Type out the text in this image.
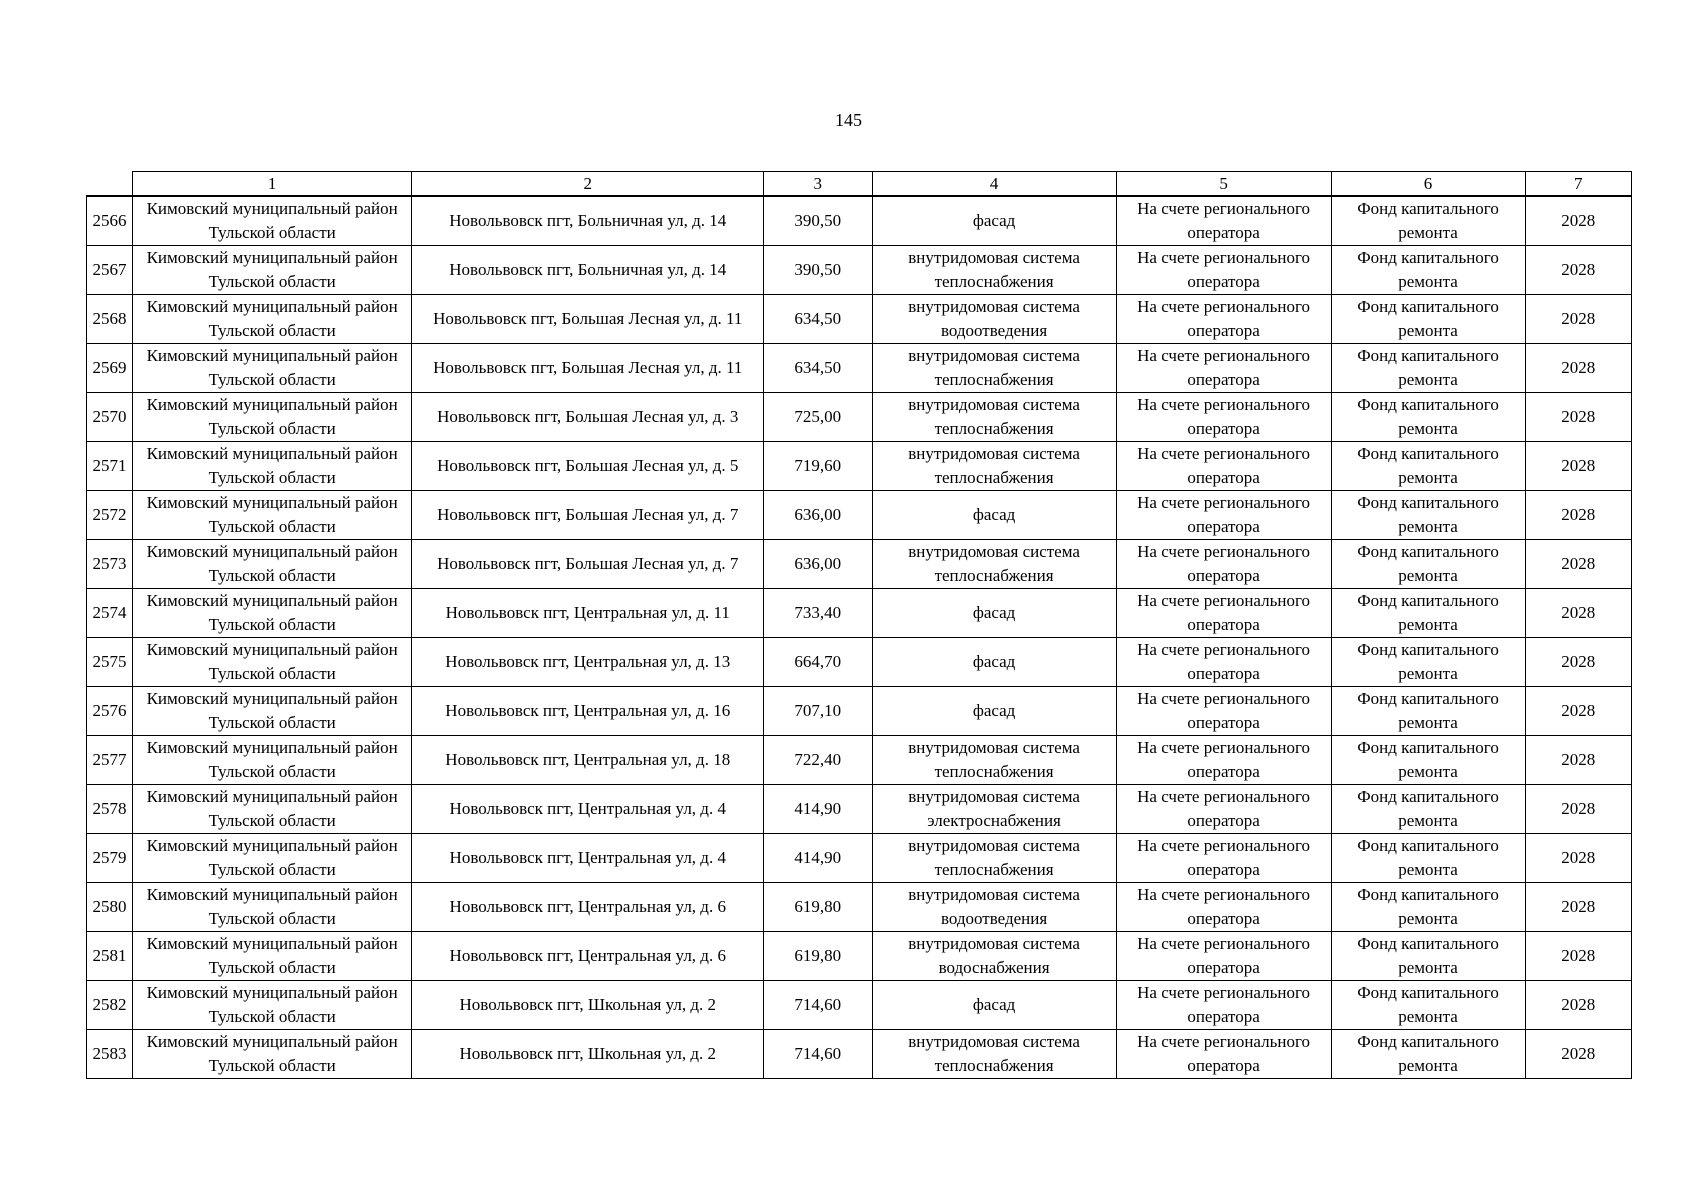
145
	1	2	3	4	5	6	7
2566	Кимовский муниципальный район Тульской области	Новольвовск пгт, Больничная ул, д. 14	390,50	фасад	На счете регионального оператора	Фонд капитального ремонта	2028
2567	Кимовский муниципальный район Тульской области	Новольвовск пгт, Больничная ул, д. 14	390,50	внутридомовая система теплоснабжения	На счете регионального оператора	Фонд капитального ремонта	2028
2568	Кимовский муниципальный район Тульской области	Новольвовск пгт, Большая Лесная ул, д. 11	634,50	внутридомовая система водоотведения	На счете регионального оператора	Фонд капитального ремонта	2028
2569	Кимовский муниципальный район Тульской области	Новольвовск пгт, Большая Лесная ул, д. 11	634,50	внутридомовая система теплоснабжения	На счете регионального оператора	Фонд капитального ремонта	2028
2570	Кимовский муниципальный район Тульской области	Новольвовск пгт, Большая Лесная ул, д. 3	725,00	внутридомовая система теплоснабжения	На счете регионального оператора	Фонд капитального ремонта	2028
2571	Кимовский муниципальный район Тульской области	Новольвовск пгт, Большая Лесная ул, д. 5	719,60	внутридомовая система теплоснабжения	На счете регионального оператора	Фонд капитального ремонта	2028
2572	Кимовский муниципальный район Тульской области	Новольвовск пгт, Большая Лесная ул, д. 7	636,00	фасад	На счете регионального оператора	Фонд капитального ремонта	2028
2573	Кимовский муниципальный район Тульской области	Новольвовск пгт, Большая Лесная ул, д. 7	636,00	внутридомовая система теплоснабжения	На счете регионального оператора	Фонд капитального ремонта	2028
2574	Кимовский муниципальный район Тульской области	Новольвовск пгт, Центральная ул, д. 11	733,40	фасад	На счете регионального оператора	Фонд капитального ремонта	2028
2575	Кимовский муниципальный район Тульской области	Новольвовск пгт, Центральная ул, д. 13	664,70	фасад	На счете регионального оператора	Фонд капитального ремонта	2028
2576	Кимовский муниципальный район Тульской области	Новольвовск пгт, Центральная ул, д. 16	707,10	фасад	На счете регионального оператора	Фонд капитального ремонта	2028
2577	Кимовский муниципальный район Тульской области	Новольвовск пгт, Центральная ул, д. 18	722,40	внутридомовая система теплоснабжения	На счете регионального оператора	Фонд капитального ремонта	2028
2578	Кимовский муниципальный район Тульской области	Новольвовск пгт, Центральная ул, д. 4	414,90	внутридомовая система электроснабжения	На счете регионального оператора	Фонд капитального ремонта	2028
2579	Кимовский муниципальный район Тульской области	Новольвовск пгт, Центральная ул, д. 4	414,90	внутридомовая система теплоснабжения	На счете регионального оператора	Фонд капитального ремонта	2028
2580	Кимовский муниципальный район Тульской области	Новольвовск пгт, Центральная ул, д. 6	619,80	внутридомовая система водоотведения	На счете регионального оператора	Фонд капитального ремонта	2028
2581	Кимовский муниципальный район Тульской области	Новольвовск пгт, Центральная ул, д. 6	619,80	внутридомовая система водоснабжения	На счете регионального оператора	Фонд капитального ремонта	2028
2582	Кимовский муниципальный район Тульской области	Новольвовск пгт, Школьная ул, д. 2	714,60	фасад	На счете регионального оператора	Фонд капитального ремонта	2028
2583	Кимовский муниципальный район Тульской области	Новольвовск пгт, Школьная ул, д. 2	714,60	внутридомовая система теплоснабжения	На счете регионального оператора	Фонд капитального ремонта	2028
